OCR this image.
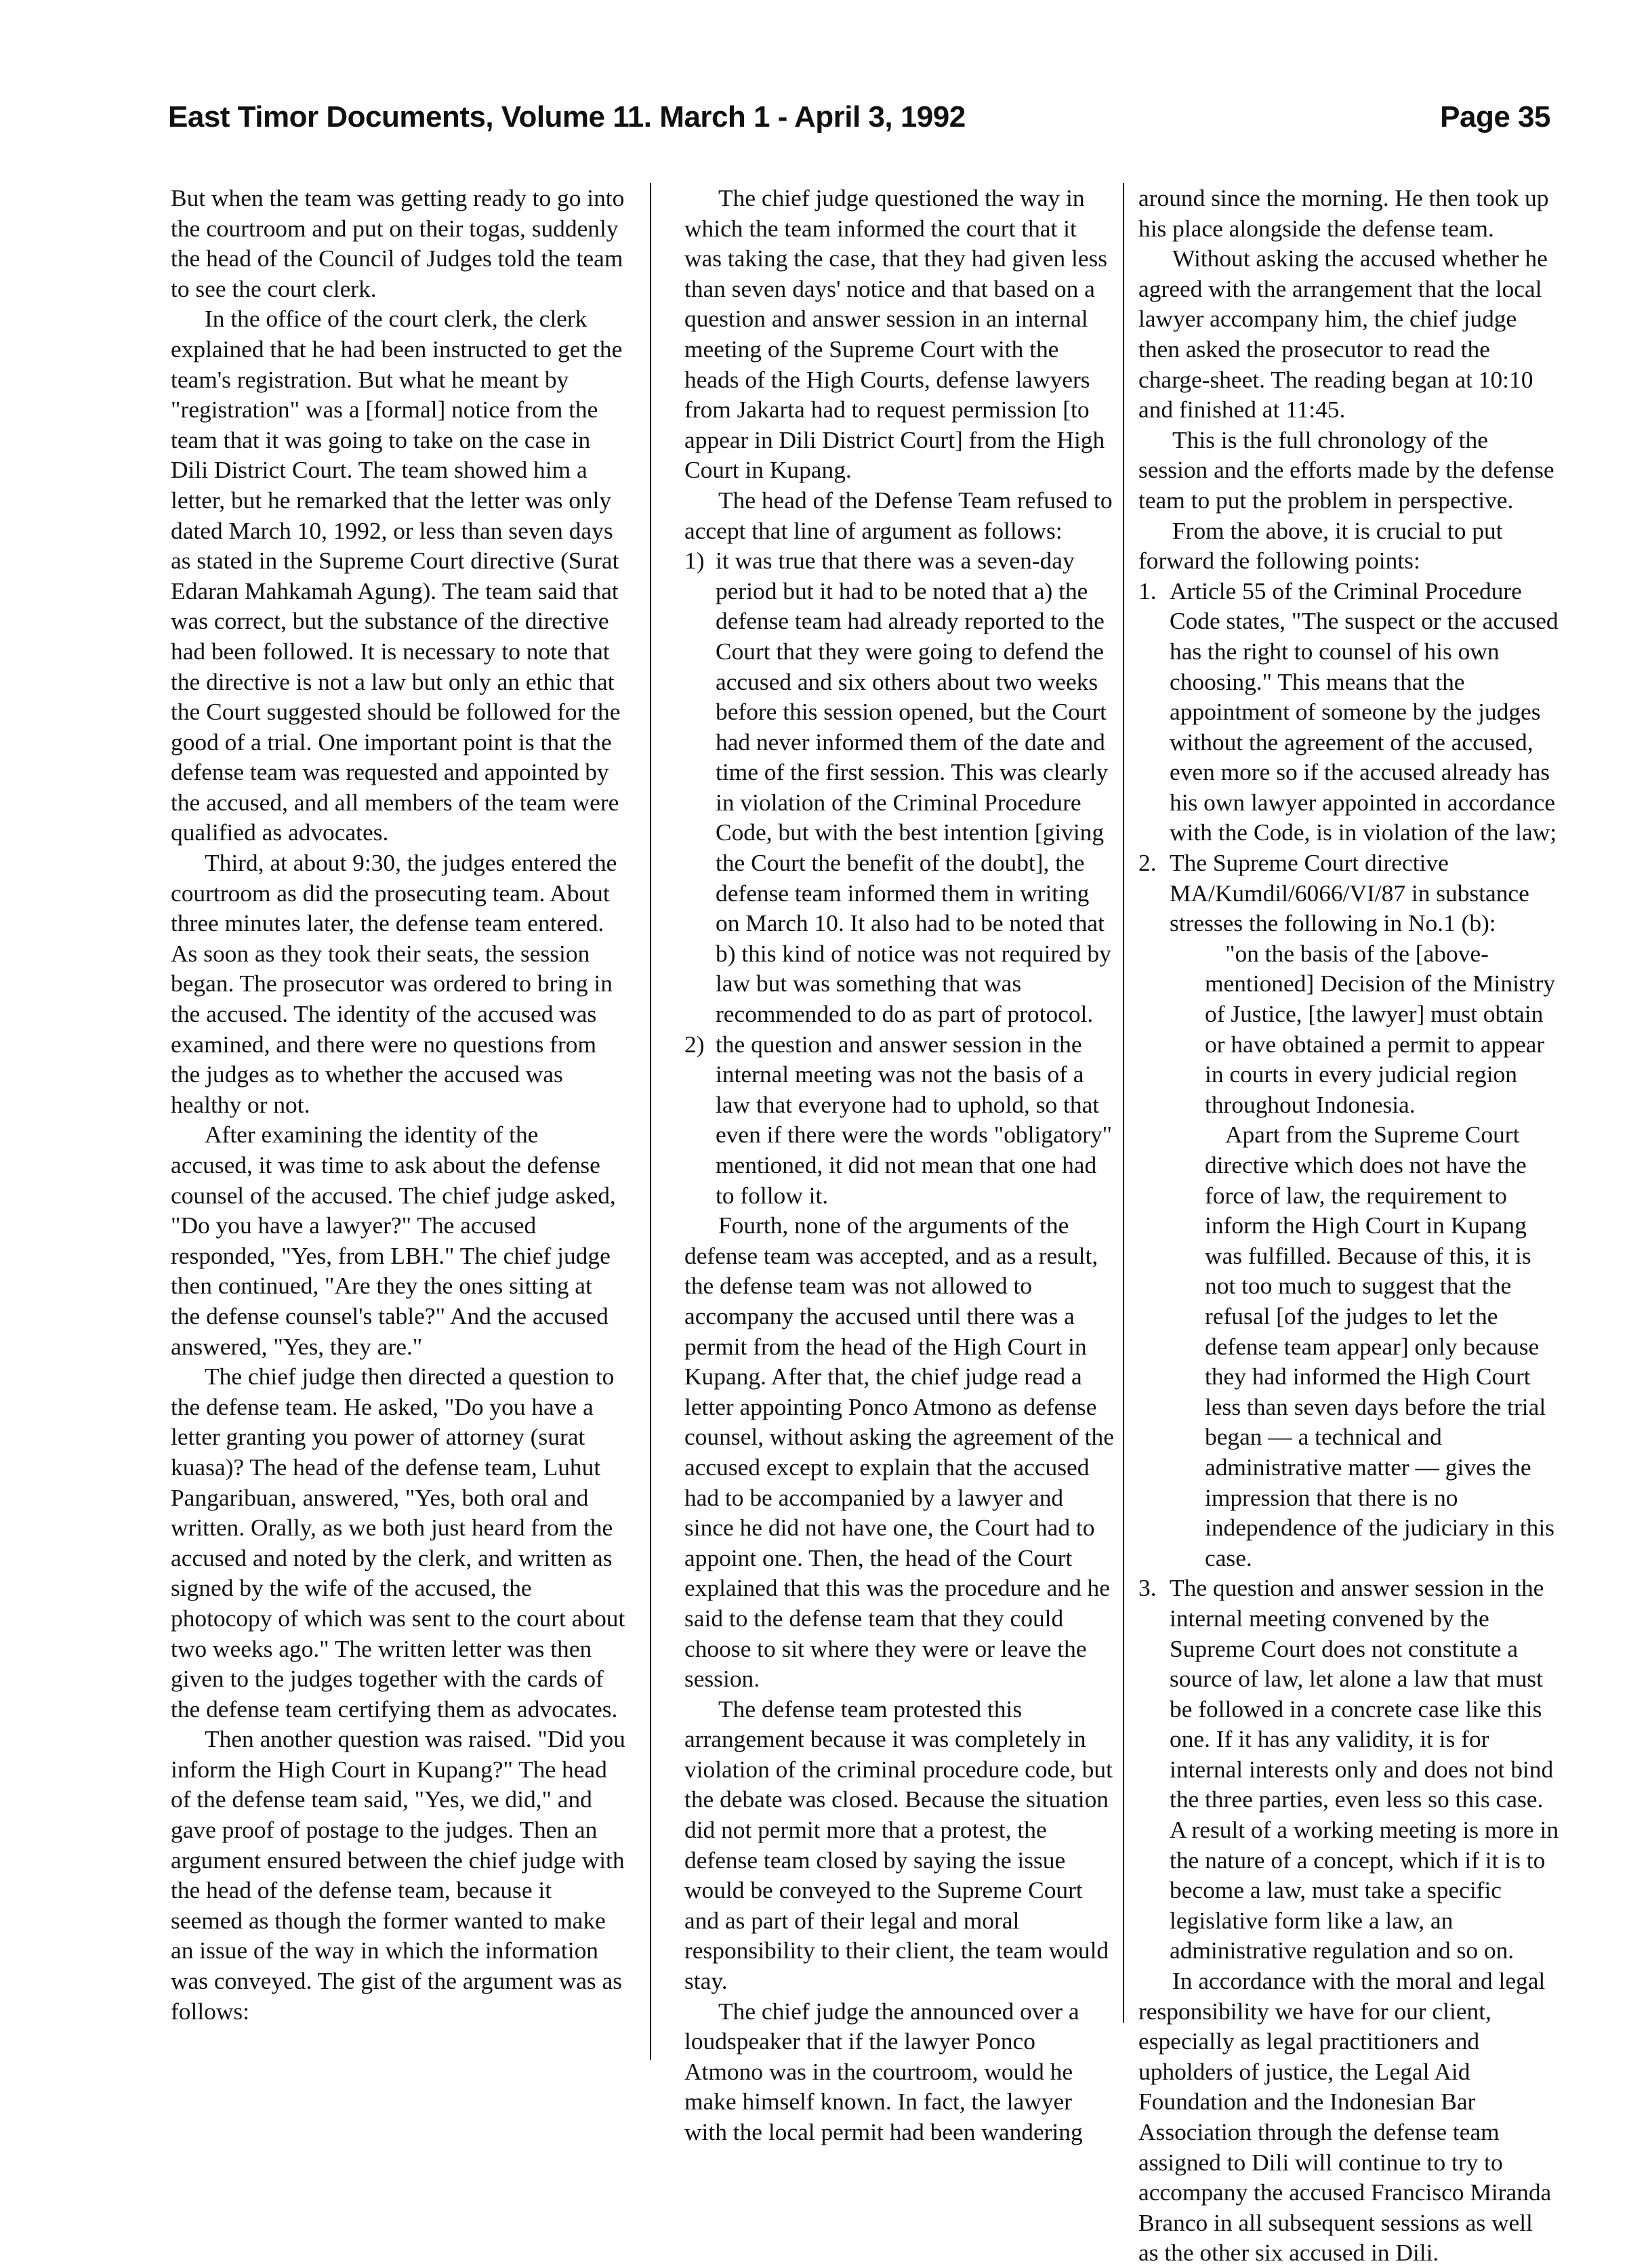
East Timor Documents, Volume 11. March 1 - April 3, 1992	Page 35

But when the team was getting ready to go into the courtroom and put on their togas, suddenly the head of the Council of Judges told the team to see the court clerk.

In the office of the court clerk, the clerk explained that he had been instructed to get the team's registration. But what he meant by "registration" was a [formal] notice from the team that it was going to take on the case in Dili District Court. The team showed him a letter, but he remarked that the letter was only dated March 10, 1992, or less than seven days as stated in the Supreme Court directive (Surat Edaran Mahkamah Agung). The team said that was correct, but the substance of the directive had been followed. It is necessary to note that the directive is not a law but only an ethic that the Court suggested should be followed for the good of a trial. One important point is that the defense team was requested and appointed by the accused, and all members of the team were qualified as advocates.

Third, at about 9:30, the judges entered the courtroom as did the prosecuting team. About three minutes later, the defense team entered. As soon as they took their seats, the session began. The prosecutor was ordered to bring in the accused. The identity of the accused was examined, and there were no questions from the judges as to whether the accused was healthy or not.

After examining the identity of the accused, it was time to ask about the defense counsel of the accused. The chief judge asked, "Do you have a lawyer?" The accused responded, "Yes, from LBH." The chief judge then continued, "Are they the ones sitting at the defense counsel's table?" And the accused answered, "Yes, they are."

The chief judge then directed a question to the defense team. He asked, "Do you have a letter granting you power of attorney (surat kuasa)? The head of the defense team, Luhut Pangaribuan, answered, "Yes, both oral and written. Orally, as we both just heard from the accused and noted by the clerk, and written as signed by the wife of the accused, the photocopy of which was sent to the court about two weeks ago." The written letter was then given to the judges together with the cards of the defense team certifying them as advocates.

Then another question was raised. "Did you inform the High Court in Kupang?" The head of the defense team said, "Yes, we did," and gave proof of postage to the judges. Then an argument ensured between the chief judge with the head of the defense team, because it seemed as though the former wanted to make an issue of the way in which the information was conveyed. The gist of the argument was as follows:

The chief judge questioned the way in which the team informed the court that it was taking the case, that they had given less than seven days' notice and that based on a question and answer session in an internal meeting of the Supreme Court with the heads of the High Courts, defense lawyers from Jakarta had to request permission [to appear in Dili District Court] from the High Court in Kupang.

The head of the Defense Team refused to accept that line of argument as follows:

1) it was true that there was a seven-day period but it had to be noted that a) the defense team had already reported to the Court that they were going to defend the accused and six others about two weeks before this session opened, but the Court had never informed them of the date and time of the first session. This was clearly in violation of the Criminal Procedure Code, but with the best intention [giving the Court the benefit of the doubt], the defense team informed them in writing on March 10. It also had to be noted that b) this kind of notice was not required by law but was something that was recommended to do as part of protocol.
2) the question and answer session in the internal meeting was not the basis of a law that everyone had to uphold, so that even if there were the words "obligatory" mentioned, it did not mean that one had to follow it.

Fourth, none of the arguments of the defense team was accepted, and as a result, the defense team was not allowed to accompany the accused until there was a permit from the head of the High Court in Kupang. After that, the chief judge read a letter appointing Ponco Atmono as defense counsel, without asking the agreement of the accused except to explain that the accused had to be accompanied by a lawyer and since he did not have one, the Court had to appoint one. Then, the head of the Court explained that this was the procedure and he said to the defense team that they could choose to sit where they were or leave the session.

The defense team protested this arrangement because it was completely in violation of the criminal procedure code, but the debate was closed. Because the situation did not permit more that a protest, the defense team closed by saying the issue would be conveyed to the Supreme Court and as part of their legal and moral responsibility to their client, the team would stay.

The chief judge the announced over a loudspeaker that if the lawyer Ponco Atmono was in the courtroom, would he make himself known. In fact, the lawyer with the local permit had been wandering

around since the morning. He then took up his place alongside the defense team.

Without asking the accused whether he agreed with the arrangement that the local lawyer accompany him, the chief judge then asked the prosecutor to read the charge-sheet. The reading began at 10:10 and finished at 11:45.

This is the full chronology of the session and the efforts made by the defense team to put the problem in perspective.

From the above, it is crucial to put forward the following points:

1. Article 55 of the Criminal Procedure Code states, "The suspect or the accused has the right to counsel of his own choosing." This means that the appointment of someone by the judges without the agreement of the accused, even more so if the accused already has his own lawyer appointed in accordance with the Code, is in violation of the law;
2. The Supreme Court directive MA/Kumdil/6066/VI/87 in substance stresses the following in No.1 (b):

"on the basis of the [above-mentioned] Decision of the Ministry of Justice, [the lawyer] must obtain or have obtained a permit to appear in courts in every judicial region throughout Indonesia.

Apart from the Supreme Court directive which does not have the force of law, the requirement to inform the High Court in Kupang was fulfilled. Because of this, it is not too much to suggest that the refusal [of the judges to let the defense team appear] only because they had informed the High Court less than seven days before the trial began — a technical and administrative matter — gives the impression that there is no independence of the judiciary in this case.

3. The question and answer session in the internal meeting convened by the Supreme Court does not constitute a source of law, let alone a law that must be followed in a concrete case like this one. If it has any validity, it is for internal interests only and does not bind the three parties, even less so this case. A result of a working meeting is more in the nature of a concept, which if it is to become a law, must take a specific legislative form like a law, an administrative regulation and so on.

In accordance with the moral and legal responsibility we have for our client, especially as legal practitioners and upholders of justice, the Legal Aid Foundation and the Indonesian Bar Association through the defense team assigned to Dili will continue to try to accompany the accused Francisco Miranda Branco in all subsequent sessions as well as the other six accused in Dili.
